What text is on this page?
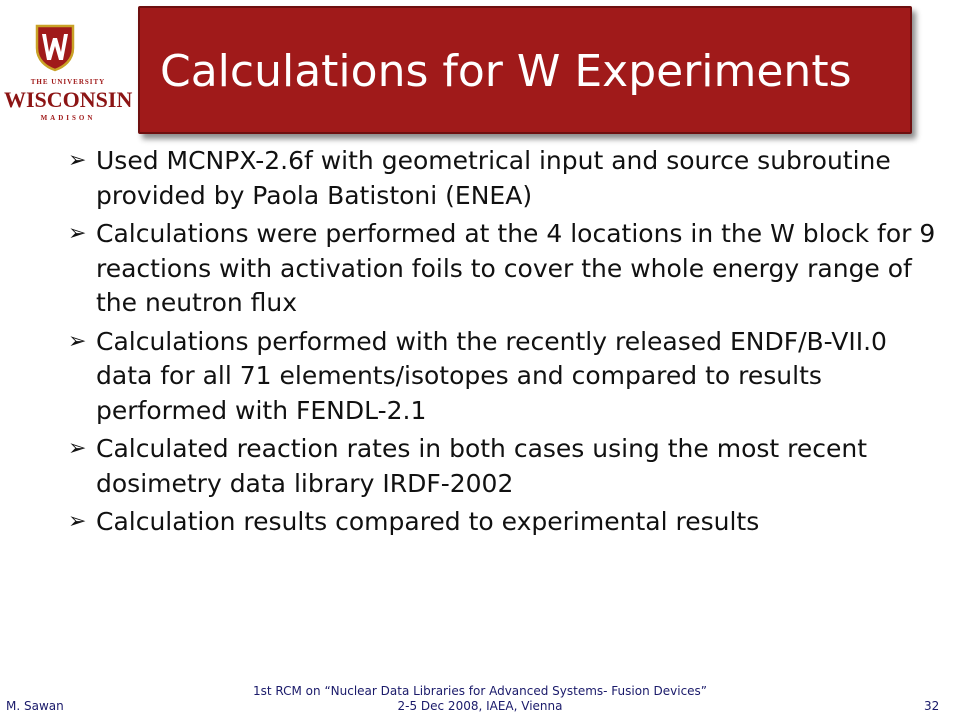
THE UNIVERSITY
WISCONSIN
MADISON
Calculations for W Experiments
➢ Used MCNPX-2.6f with geometrical input and source subroutine provided by Paola Batistoni (ENEA)
➢ Calculations were performed at the 4 locations in the W block for 9 reactions with activation foils to cover the whole energy range of the neutron flux
➢ Calculations performed with the recently released ENDF/B-VII.0 data for all 71 elements/isotopes and compared to results performed with FENDL-2.1
➢ Calculated reaction rates in both cases using the most recent dosimetry data library IRDF-2002
➢ Calculation results compared to experimental results
M. Sawan
1st RCM on “Nuclear Data Libraries for Advanced Systems- Fusion Devices”
2-5 Dec 2008, IAEA, Vienna	32
